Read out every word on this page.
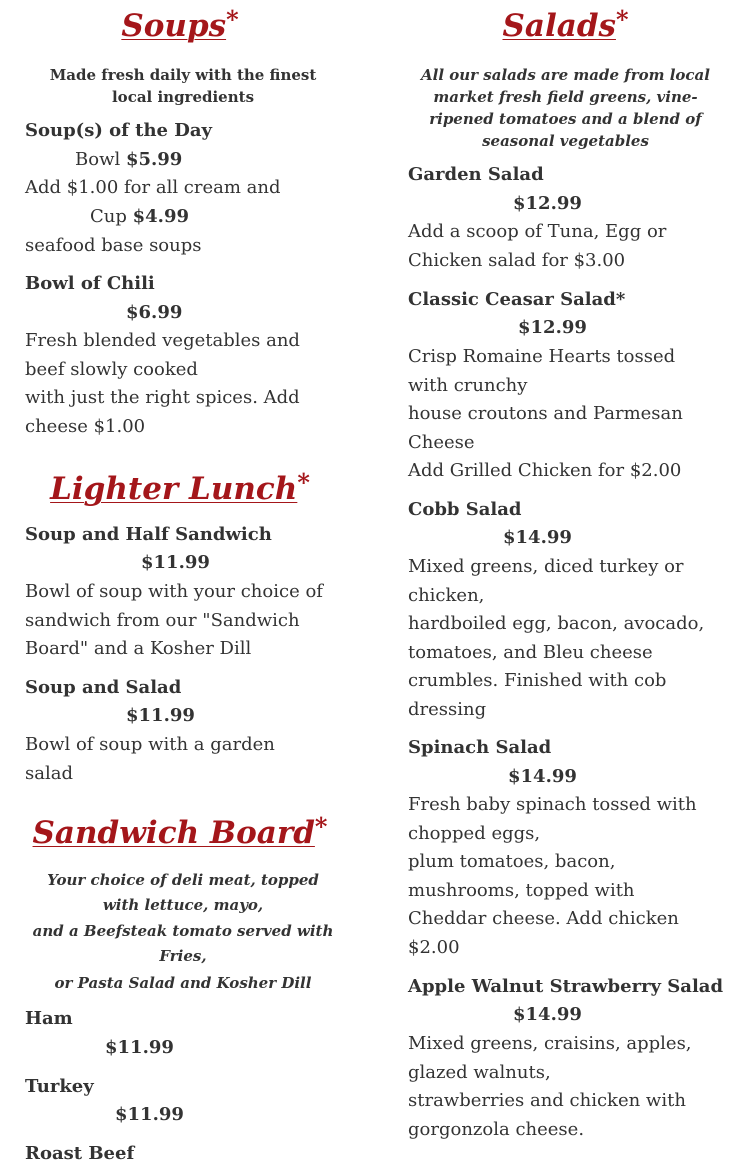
Soups*

Made fresh daily with the finest local ingredients

Soup(s) of the Day

Bowl $5.99

Add $1.00 for all cream and

Cup $4.99

seafood base soups

Bowl of Chili

$6.99

Fresh blended vegetables and beef slowly cooked

with just the right spices. Add cheese $1.00

Lighter Lunch*

Soup and Half Sandwich

$11.99

Bowl of soup with your choice of sandwich from our "Sandwich Board" and a Kosher Dill

Soup and Salad

$11.99

Bowl of soup with a garden salad

Sandwich Board*

Your choice of deli meat, topped with lettuce, mayo,

and a Beefsteak tomato served with Fries,

or Pasta Salad and Kosher Dill

Ham

$11.99

Turkey

$11.99

Roast Beef

Salads*

All our salads are made from local market fresh field greens, vine-ripened tomatoes and a blend of seasonal vegetables

Garden Salad

$12.99

Add a scoop of Tuna, Egg or Chicken salad for $3.00

Classic Ceasar Salad*

$12.99

Crisp Romaine Hearts tossed with crunchy

house croutons and Parmesan Cheese

Add Grilled Chicken for $2.00

Cobb Salad

$14.99

Mixed greens, diced turkey or chicken,

hardboiled egg, bacon, avocado, tomatoes, and Bleu cheese crumbles. Finished with cob dressing

Spinach Salad

$14.99

Fresh baby spinach tossed with chopped eggs,

plum tomatoes, bacon, mushrooms, topped with Cheddar cheese. Add chicken $2.00

Apple Walnut Strawberry Salad

$14.99

Mixed greens, craisins, apples, glazed walnuts,

strawberries and chicken with gorgonzola cheese.
